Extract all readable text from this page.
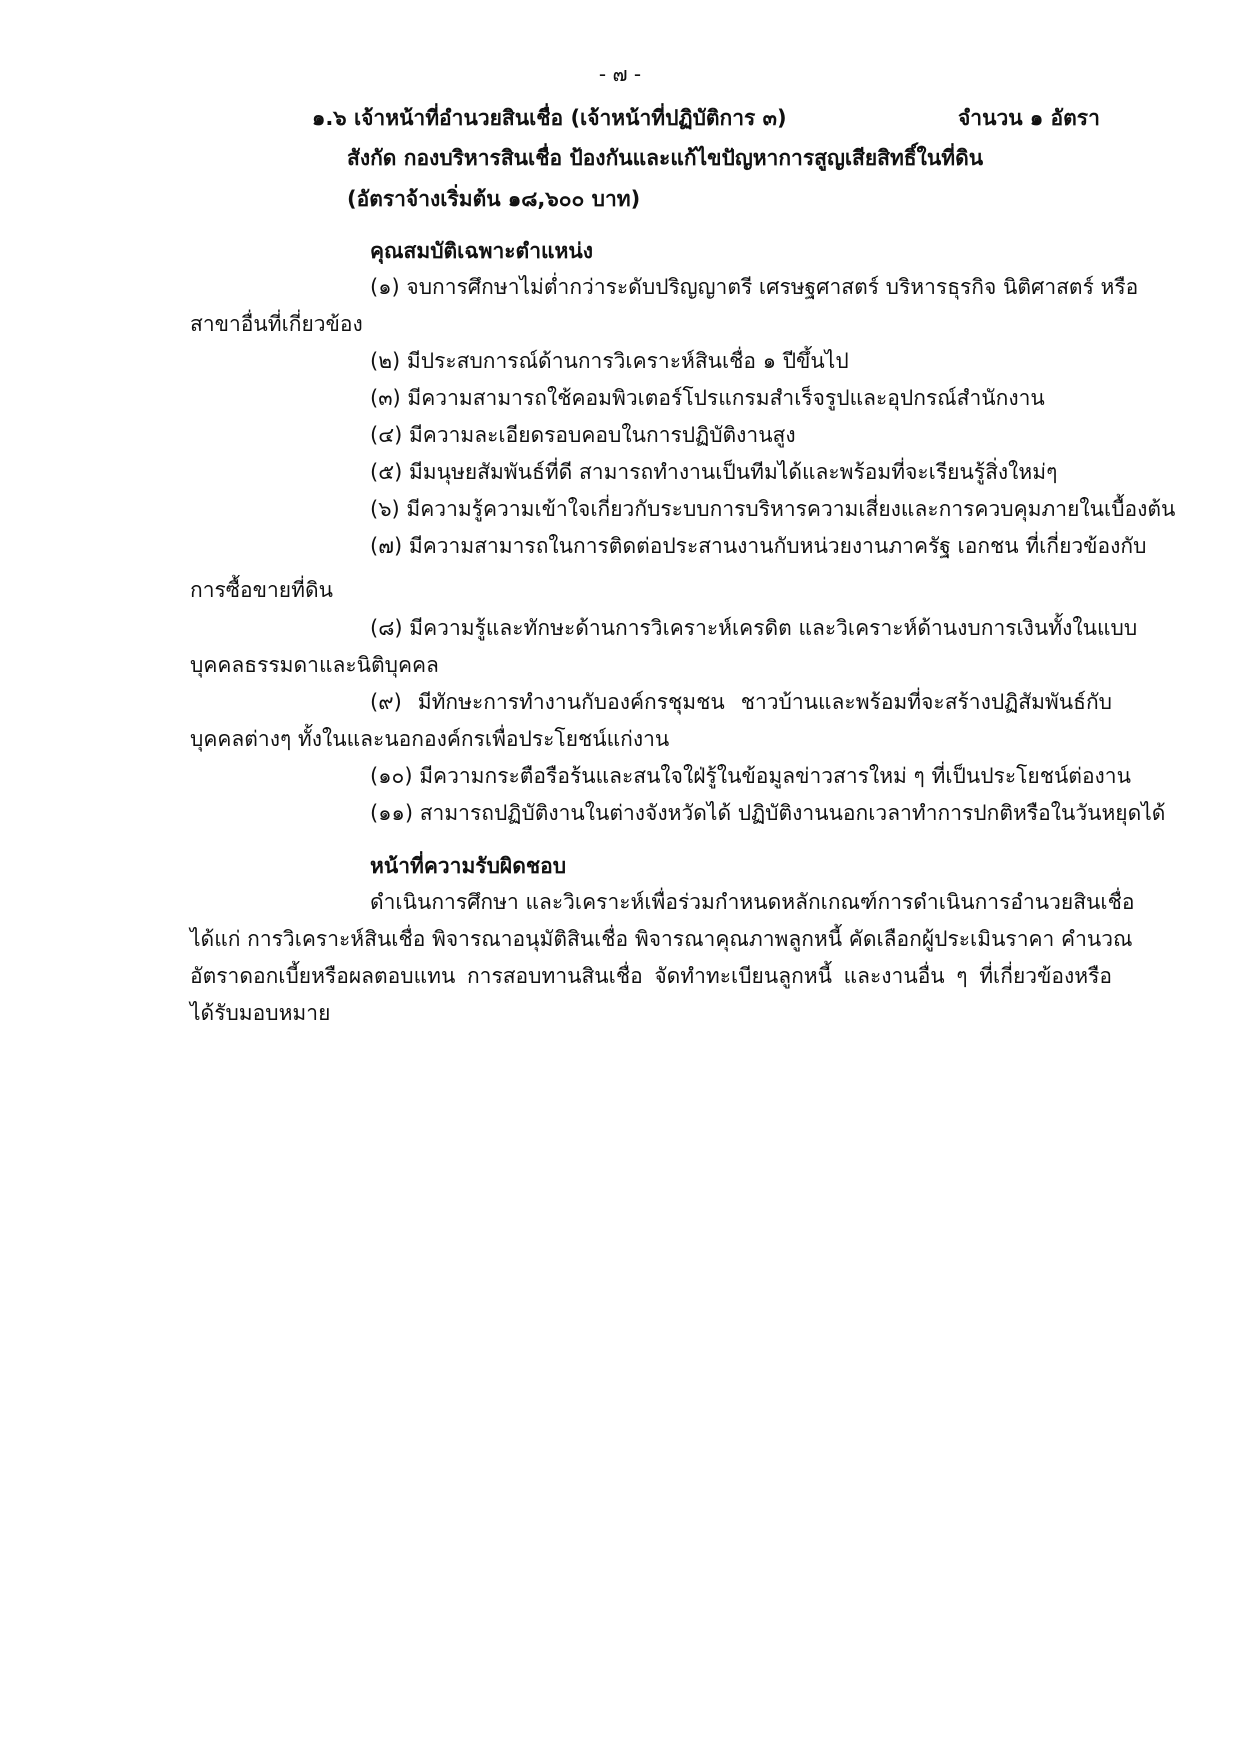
- ๗ -
๑.๖ เจ้าหน้าที่อำนวยสินเชื่อ (เจ้าหน้าที่ปฏิบัติการ ๓)	จำนวน ๑ อัตรา
สังกัด กองบริหารสินเชื่อ ป้องกันและแก้ไขปัญหาการสูญเสียสิทธิ์ในที่ดิน
(อัตราจ้างเริ่มต้น ๑๘,๖๐๐ บาท)
คุณสมบัติเฉพาะตำแหน่ง
(๑) จบการศึกษาไม่ต่ำกว่าระดับปริญญาตรี เศรษฐศาสตร์ บริหารธุรกิจ นิติศาสตร์ หรือ
สาขาอื่นที่เกี่ยวข้อง
(๒) มีประสบการณ์ด้านการวิเคราะห์สินเชื่อ ๑ ปีขึ้นไป
(๓) มีความสามารถใช้คอมพิวเตอร์โปรแกรมสำเร็จรูปและอุปกรณ์สำนักงาน
(๔) มีความละเอียดรอบคอบในการปฏิบัติงานสูง
(๕) มีมนุษยสัมพันธ์ที่ดี สามารถทำงานเป็นทีมได้และพร้อมที่จะเรียนรู้สิ่งใหม่ๆ
(๖) มีความรู้ความเข้าใจเกี่ยวกับระบบการบริหารความเสี่ยงและการควบคุมภายในเบื้องต้น
(๗) มีความสามารถในการติดต่อประสานงานกับหน่วยงานภาครัฐ เอกชน ที่เกี่ยวข้องกับ
การซื้อขายที่ดิน
(๘) มีความรู้และทักษะด้านการวิเคราะห์เครดิต และวิเคราะห์ด้านงบการเงินทั้งในแบบ
บุคคลธรรมดาและนิติบุคคล
(๙) มีทักษะการทำงานกับองค์กรชุมชน ชาวบ้านและพร้อมที่จะสร้างปฏิสัมพันธ์กับ
บุคคลต่างๆ ทั้งในและนอกองค์กรเพื่อประโยชน์แก่งาน
(๑๐) มีความกระตือรือร้นและสนใจใฝ่รู้ในข้อมูลข่าวสารใหม่ ๆ ที่เป็นประโยชน์ต่องาน
(๑๑) สามารถปฏิบัติงานในต่างจังหวัดได้ ปฏิบัติงานนอกเวลาทำการปกติหรือในวันหยุดได้
หน้าที่ความรับผิดชอบ
ดำเนินการศึกษา และวิเคราะห์เพื่อร่วมกำหนดหลักเกณฑ์การดำเนินการอำนวยสินเชื่อ
ได้แก่ การวิเคราะห์สินเชื่อ พิจารณาอนุมัติสินเชื่อ พิจารณาคุณภาพลูกหนี้ คัดเลือกผู้ประเมินราคา คำนวณ
อัตราดอกเบี้ยหรือผลตอบแทน การสอบทานสินเชื่อ จัดทำทะเบียนลูกหนี้ และงานอื่น ๆ ที่เกี่ยวข้องหรือ
ได้รับมอบหมาย
